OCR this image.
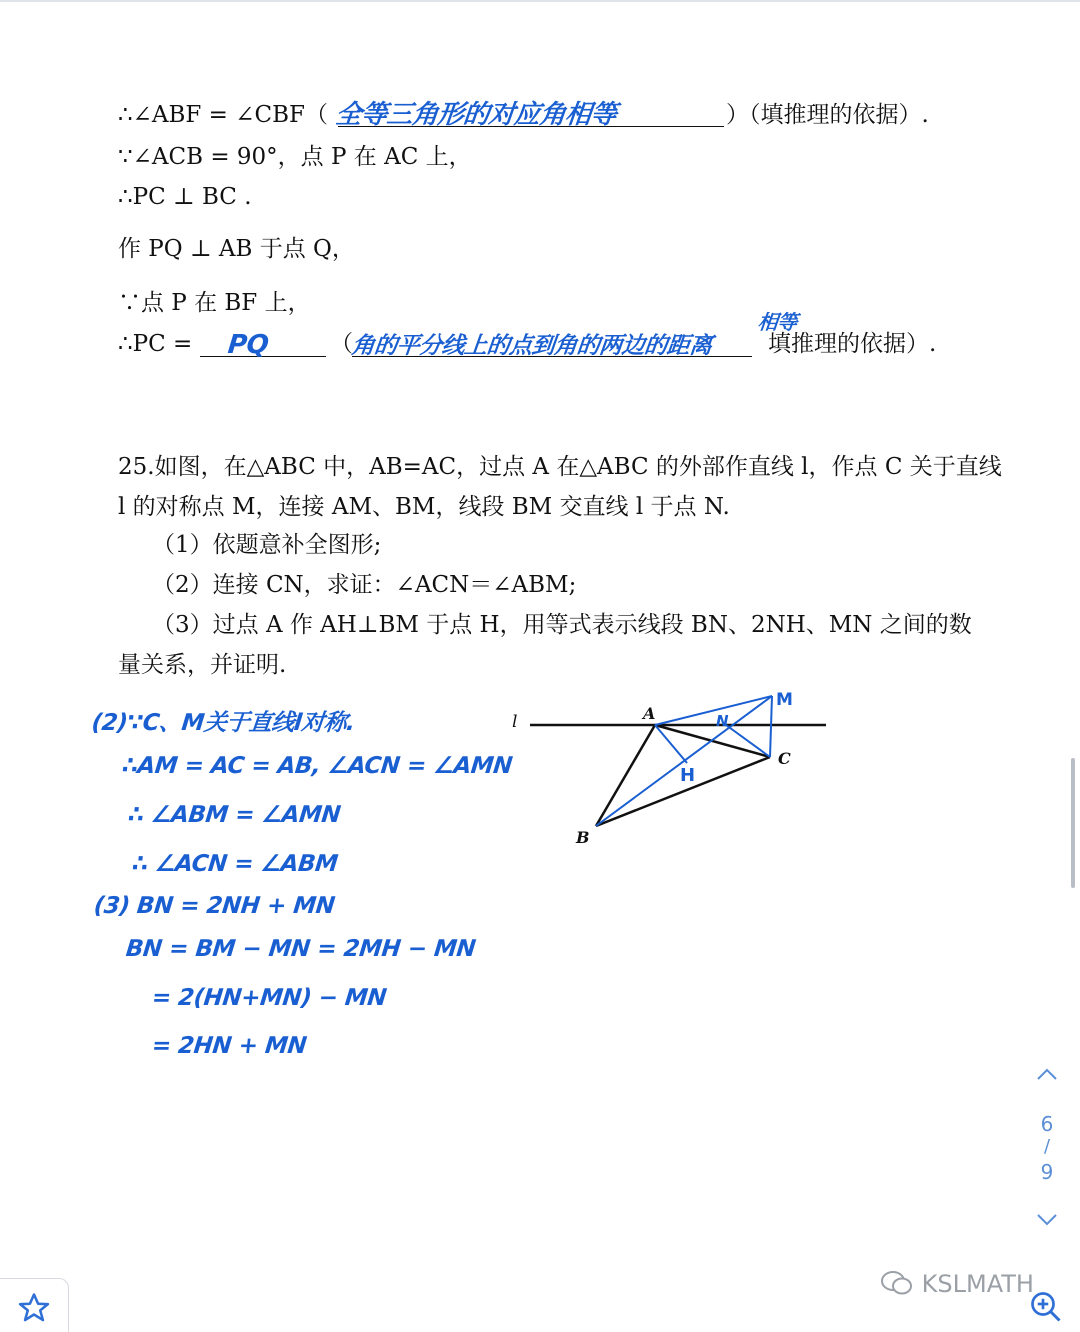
∴∠ABF = ∠CBF（ 全等三角形的对应角相等	）（填推理的依据）.
∵∠ACB = 90°，点 P 在 AC 上，
∴PC ⊥ BC .
作 PQ ⊥ AB 于点 Q，
∵点 P 在 BF 上，
∴PC = PQ	（
角的平分线上的点到角的两边的距离
相等
填推理的依据）.
25.如图，在△ABC 中，AB=AC，过点 A 在△ABC 的外部作直线 l，作点 C 关于直线
l 的对称点 M，连接 AM、BM，线段 BM 交直线 l 于点 N.
（1）依题意补全图形;
（2）连接 CN，求证：∠ACN＝∠ABM;
（3）过点 A 作 AH⊥BM 于点 H，用等式表示线段 BN、2NH、MN 之间的数
量关系，并证明.
(2)∵C、M关于直线l对称.
∴AM = AC = AB, ∠ACN = ∠AMN
∴ ∠ABM = ∠AMN
∴ ∠ACN = ∠ABM
(3) BN = 2NH + MN
BN = BM − MN = 2MH − MN
= 2(HN+MN) − MN
= 2HN + MN
l	A
B
C
M
N
H
6
/
9
KSLMATH
